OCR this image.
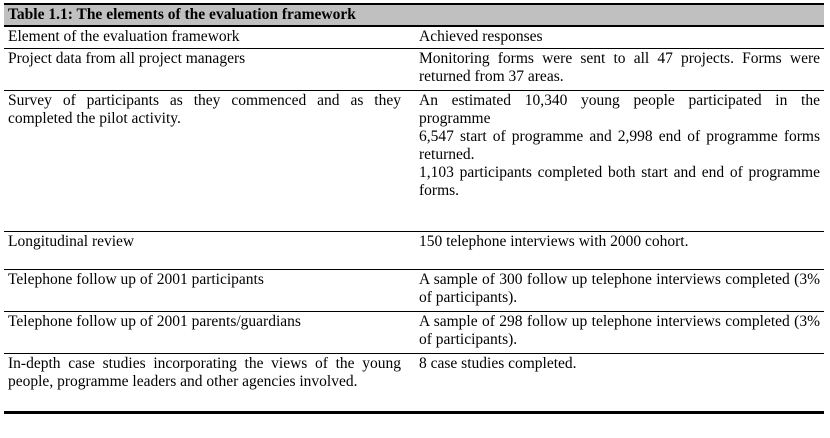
Table 1.1: The elements of the evaluation framework
Element of the evaluation framework	Achieved responses
Project data from all project managers	Monitoring forms were sent to all 47 projects. Forms were returned from 37 areas.

Survey of participants as they commenced and as they completed the pilot activity.	An estimated 10,340 young people participated in the programme

6,547 start of programme and 2,998 end of programme forms returned.

1,103 participants completed both start and end of programme forms.

Longitudinal review	150 telephone interviews with 2000 cohort.

Telephone follow up of 2001 participants	A sample of 300 follow up telephone interviews completed (3% of participants).

Telephone follow up of 2001 parents/guardians	A sample of 298 follow up telephone interviews completed (3% of participants).

In-depth case studies incorporating the views of the young people, programme leaders and other agencies involved.	8 case studies completed.
